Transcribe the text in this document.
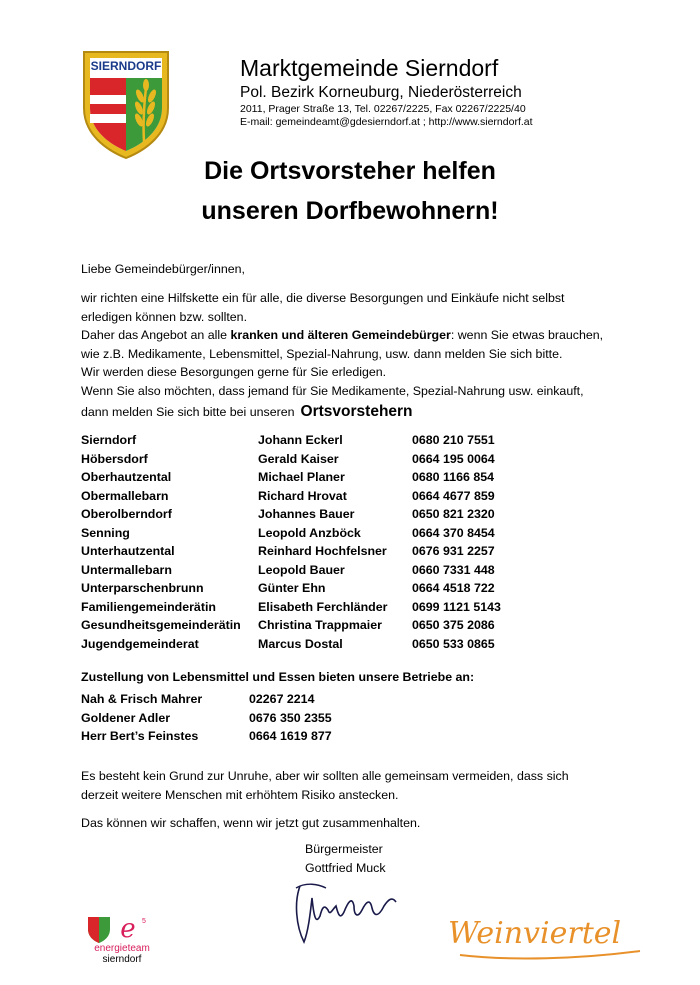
SIERNDORF	Marktgemeinde Sierndorf
Pol. Bezirk Korneuburg, Niederösterreich
2011, Prager Straße 13, Tel. 02267/2225, Fax 02267/2225/40
E-mail: gemeindeamt@gdesierndorf.at ; http://www.sierndorf.at
Die Ortsvorsteher helfen
unseren Dorfbewohnern!
Liebe Gemeindebürger/innen,
wir richten eine Hilfskette ein für alle, die diverse Besorgungen und Einkäufe nicht selbst
erledigen können bzw. sollten.
Daher das Angebot an alle kranken und älteren Gemeindebürger: wenn Sie etwas brauchen,
wie z.B. Medikamente, Lebensmittel, Spezial-Nahrung, usw. dann melden Sie sich bitte.
Wir werden diese Besorgungen gerne für Sie erledigen.
Wenn Sie also möchten, dass jemand für Sie Medikamente, Spezial-Nahrung usw. einkauft,
dann melden Sie sich bitte bei unseren Ortsvorstehern
Sierndorf	Johann Eckerl	0680 210 7551
Höbersdorf	Gerald Kaiser	0664 195 0064
Oberhautzental	Michael Planer	0680 1166 854
Obermallebarn	Richard Hrovat	0664 4677 859
Oberolberndorf	Johannes Bauer	0650 821 2320
Senning	Leopold Anzböck	0664 370 8454
Unterhautzental	Reinhard Hochfelsner 0676 931 2257
Untermallebarn	Leopold Bauer	0660 7331 448
Unterparschenbrunn	Günter Ehn	0664 4518 722
Familiengemeinderätin	Elisabeth Ferchländer 0699 1121 5143
Gesundheitsgemeinderätin Christina Trappmaier 0650 375 2086
Jugendgemeinderat	Marcus Dostal	0650 533 0865
Zustellung von Lebensmittel und Essen bieten unsere Betriebe an:
Nah & Frisch Mahrer	02267 2214
Goldener Adler	0676 350 2355
Herr Bert’s Feinstes	0664 1619 877
Es besteht kein Grund zur Unruhe, aber wir sollten alle gemeinsam vermeiden, dass sich
derzeit weitere Menschen mit erhöhtem Risiko anstecken.
Das können wir schaffen, wenn wir jetzt gut zusammenhalten.
Bürgermeister
Gottfried Muck
e 5
energieteam
sierndorf
Weinviertel
